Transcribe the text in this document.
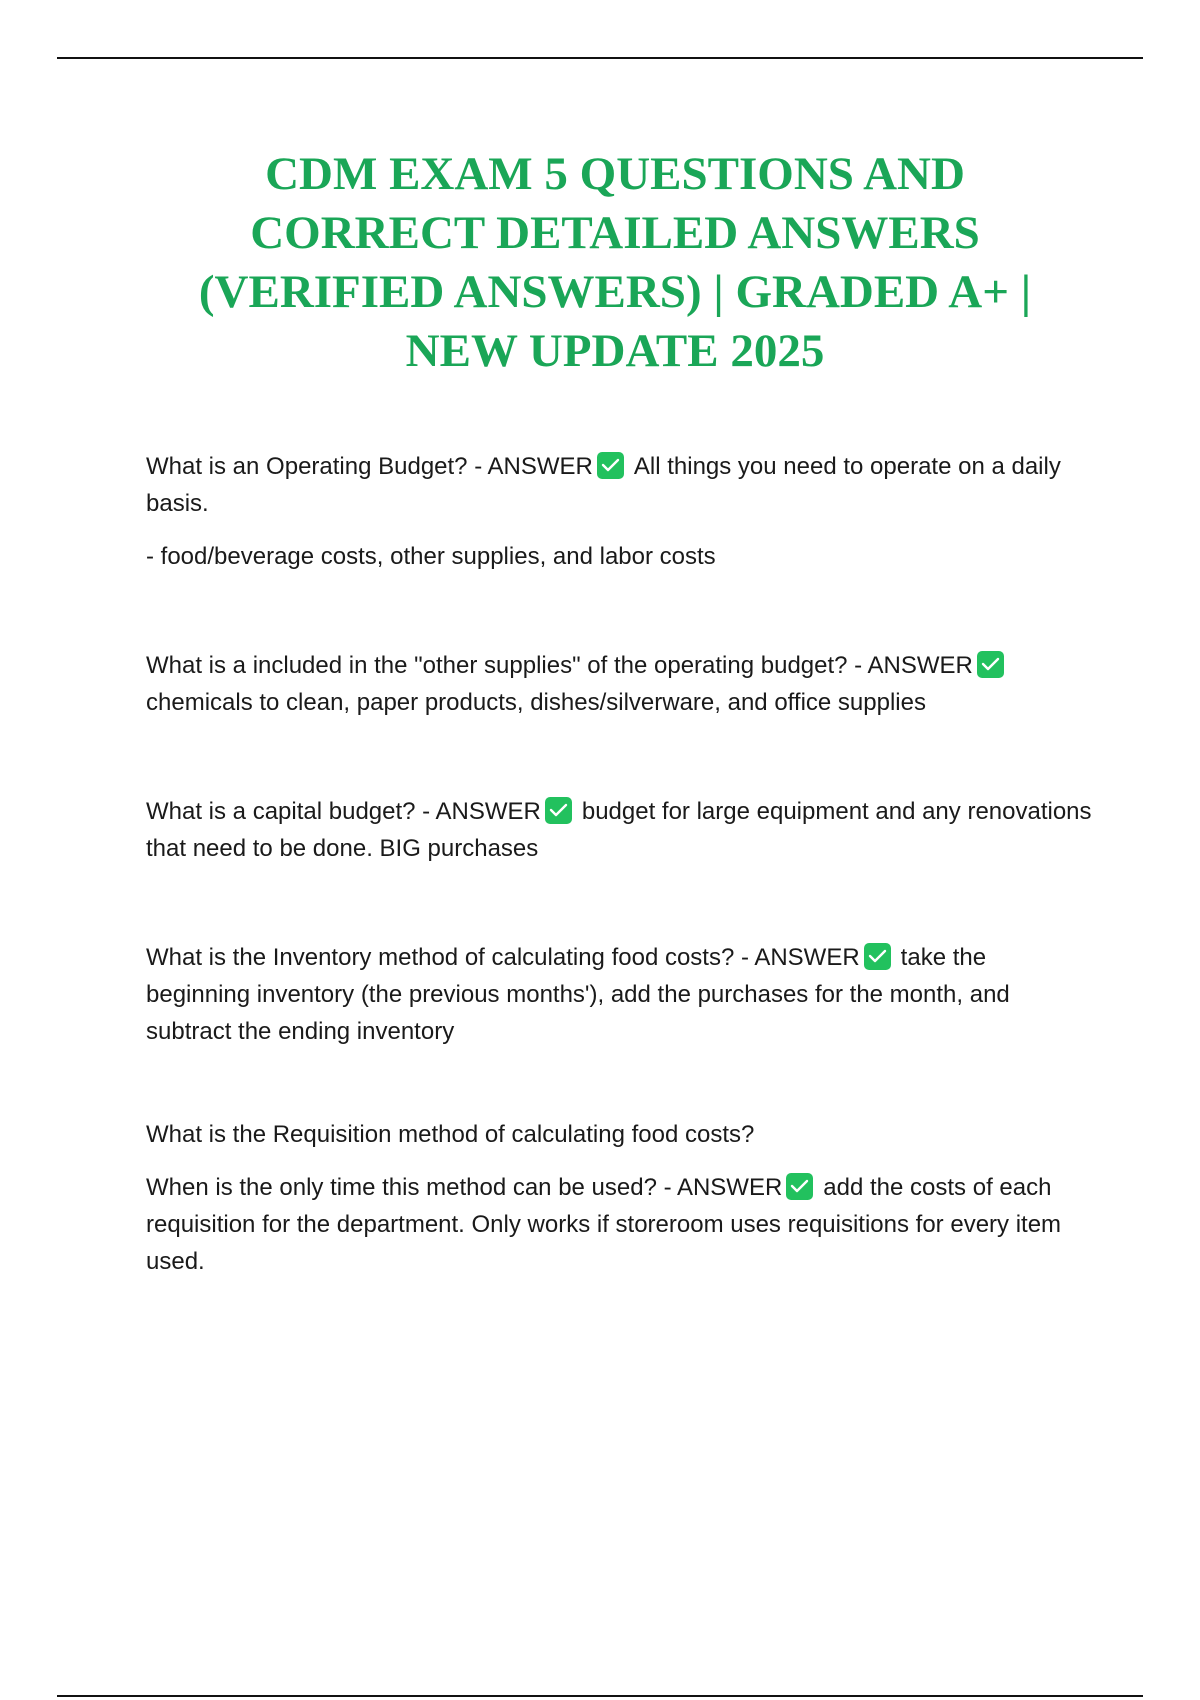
CDM EXAM 5 QUESTIONS AND
CORRECT DETAILED ANSWERS
(VERIFIED ANSWERS) | GRADED A+ |
NEW UPDATE 2025

What is an Operating Budget? - ANSWER All things you need to operate on a daily basis.

- food/beverage costs, other supplies, and labor costs

What is a included in the "other supplies" of the operating budget? - ANSWER

chemicals to clean, paper products, dishes/silverware, and office supplies

What is a capital budget? - ANSWER budget for large equipment and any renovations that need to be done. BIG purchases

What is the Inventory method of calculating food costs? - ANSWER take the beginning inventory (the previous months'), add the purchases for the month, and subtract the ending inventory

What is the Requisition method of calculating food costs?

When is the only time this method can be used? - ANSWER add the costs of each requisition for the department. Only works if storeroom uses requisitions for every item used.
